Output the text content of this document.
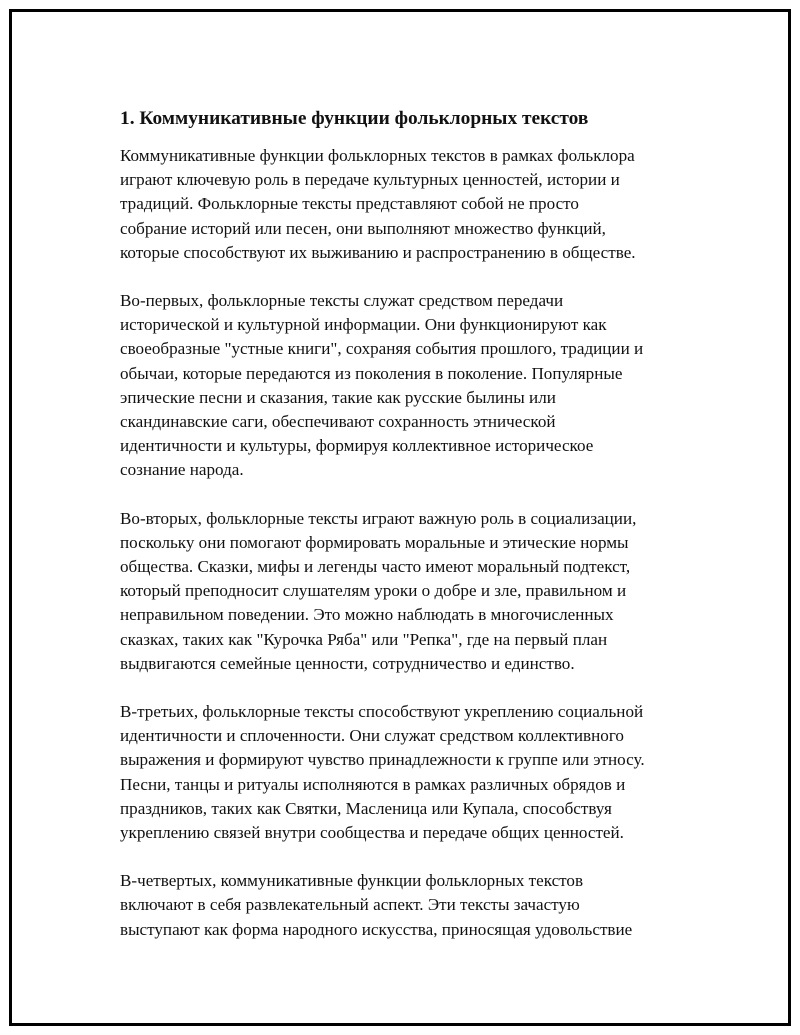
1. Коммуникативные функции фольклорных текстов
Коммуникативные функции фольклорных текстов в рамках фольклора
играют ключевую роль в передаче культурных ценностей, истории и
традиций. Фольклорные тексты представляют собой не просто
собрание историй или песен, они выполняют множество функций,
которые способствуют их выживанию и распространению в обществе.
Во-первых, фольклорные тексты служат средством передачи
исторической и культурной информации. Они функционируют как
своеобразные "устные книги", сохраняя события прошлого, традиции и
обычаи, которые передаются из поколения в поколение. Популярные
эпические песни и сказания, такие как русские былины или
скандинавские саги, обеспечивают сохранность этнической
идентичности и культуры, формируя коллективное историческое
сознание народа.
Во-вторых, фольклорные тексты играют важную роль в социализации,
поскольку они помогают формировать моральные и этические нормы
общества. Сказки, мифы и легенды часто имеют моральный подтекст,
который преподносит слушателям уроки о добре и зле, правильном и
неправильном поведении. Это можно наблюдать в многочисленных
сказках, таких как "Курочка Ряба" или "Репка", где на первый план
выдвигаются семейные ценности, сотрудничество и единство.
В-третьих, фольклорные тексты способствуют укреплению социальной
идентичности и сплоченности. Они служат средством коллективного
выражения и формируют чувство принадлежности к группе или этносу.
Песни, танцы и ритуалы исполняются в рамках различных обрядов и
праздников, таких как Святки, Масленица или Купала, способствуя
укреплению связей внутри сообщества и передаче общих ценностей.
В-четвертых, коммуникативные функции фольклорных текстов
включают в себя развлекательный аспект. Эти тексты зачастую
выступают как форма народного искусства, приносящая удовольствие
